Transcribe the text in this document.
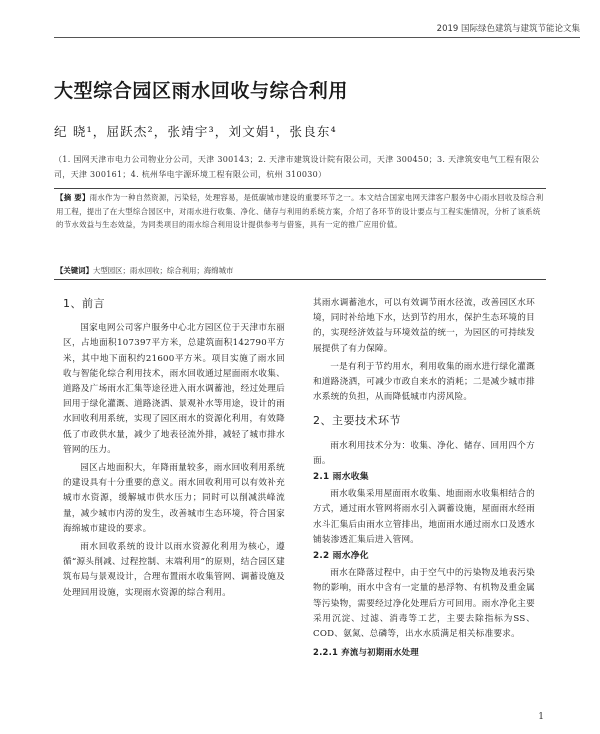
2019 国际绿色建筑与建筑节能论文集
大型综合园区雨水回收与综合利用
纪 晓¹，屈跃杰²，张靖宇³，刘文娟¹，张良东⁴
（1. 国网天津市电力公司物业分公司，天津 300143；2. 天津市建筑设计院有限公司，天津 300450；3. 天津筑安电气工程有限公司，天津 300161；4. 杭州华电宇源环境工程有限公司，杭州 310030）
【摘 要】雨水作为一种自然资源，污染轻，处理容易，是低碳城市建设的重要环节之一。本文结合国家电网天津客户服务中心雨水回收及综合利用工程，提出了在大型综合园区中，对雨水进行收集、净化、储存与利用的系统方案，介绍了各环节的设计要点与工程实施情况，分析了该系统的节水效益与生态效益，为同类项目的雨水综合利用设计提供参考与借鉴，具有一定的推广应用价值。
【关键词】大型园区；雨水回收；综合利用；海绵城市
1、前言

国家电网公司客户服务中心北方园区位于天津市东丽区，占地面积107397平方米，总建筑面积142790平方米，其中地下面积约21600平方米。项目实施了雨水回收与智能化综合利用技术，雨水回收通过屋面雨水收集、道路及广场雨水汇集等途径进入雨水调蓄池，经过处理后回用于绿化灌溉、道路浇洒、景观补水等用途，设计的雨水回收利用系统，实现了园区雨水的资源化利用，有效降低了市政供水量，减少了地表径流外排，减轻了城市排水管网的压力。

园区占地面积大，年降雨量较多，雨水回收利用系统的建设具有十分重要的意义。雨水回收利用可以有效补充城市水资源，缓解城市供水压力；同时可以削减洪峰流量，减少城市内涝的发生，改善城市生态环境，符合国家海绵城市建设的要求。

雨水回收系统的设计以雨水资源化利用为核心，遵循“源头削减、过程控制、末端利用”的原则，结合园区建筑布局与景观设计，合理布置雨水收集管网、调蓄设施及处理回用设施，实现雨水资源的综合利用。

其雨水调蓄池水，可以有效调节雨水径流，改善园区水环境，同时补给地下水，达到节约用水，保护生态环境的目的，实现经济效益与环境效益的统一，为园区的可持续发展提供了有力保障。

一是有利于节约用水，利用收集的雨水进行绿化灌溉和道路浇洒，可减少市政自来水的消耗；二是减少城市排水系统的负担，从而降低城市内涝风险。

2、主要技术环节

雨水利用技术分为：收集、净化、储存、回用四个方面。

2.1 雨水收集

雨水收集采用屋面雨水收集、地面雨水收集相结合的方式，通过雨水管网将雨水引入调蓄设施，屋面雨水经雨水斗汇集后由雨水立管排出，地面雨水通过雨水口及透水铺装渗透汇集后进入管网。

2.2 雨水净化

雨水在降落过程中，由于空气中的污染物及地表污染物的影响，雨水中含有一定量的悬浮物、有机物及重金属等污染物，需要经过净化处理后方可回用。雨水净化主要采用沉淀、过滤、消毒等工艺，主要去除指标为SS、COD、氨氮、总磷等，出水水质满足相关标准要求。

2.2.1 弃流与初期雨水处理
1
